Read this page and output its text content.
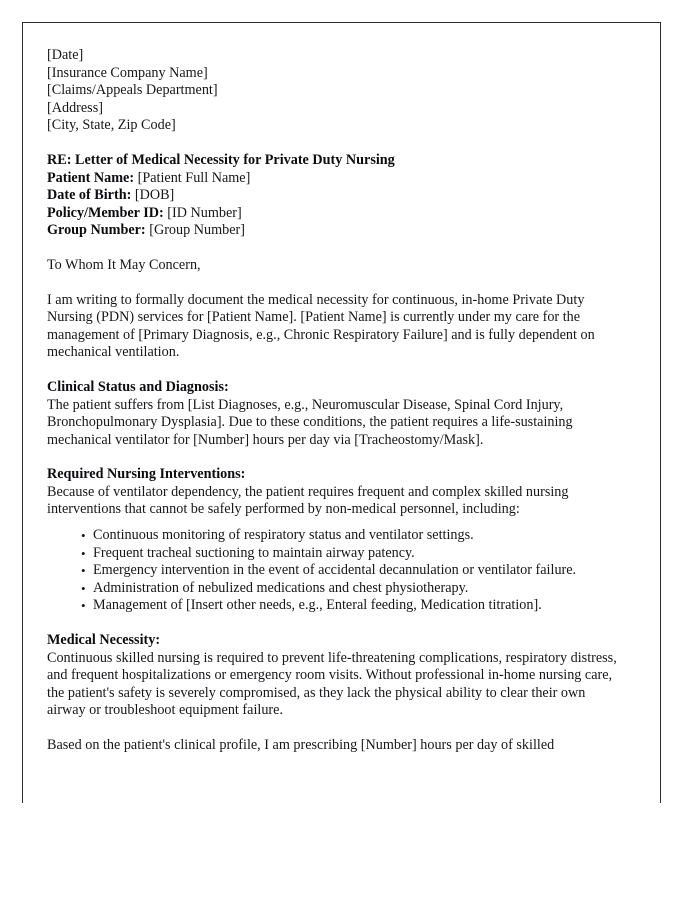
[Date]
[Insurance Company Name]
[Claims/Appeals Department]
[Address]
[City, State, Zip Code]
RE: Letter of Medical Necessity for Private Duty Nursing
Patient Name: [Patient Full Name]
Date of Birth: [DOB]
Policy/Member ID: [ID Number]
Group Number: [Group Number]

To Whom It May Concern,

I am writing to formally document the medical necessity for continuous, in-home Private Duty Nursing (PDN) services for [Patient Name]. [Patient Name] is currently under my care for the management of [Primary Diagnosis, e.g., Chronic Respiratory Failure] and is fully dependent on mechanical ventilation.

Clinical Status and Diagnosis:

The patient suffers from [List Diagnoses, e.g., Neuromuscular Disease, Spinal Cord Injury, Bronchopulmonary Dysplasia]. Due to these conditions, the patient requires a life-sustaining mechanical ventilator for [Number] hours per day via [Tracheostomy/Mask].

Required Nursing Interventions:

Because of ventilator dependency, the patient requires frequent and complex skilled nursing interventions that cannot be safely performed by non-medical personnel, including:

• Continuous monitoring of respiratory status and ventilator settings.
• Frequent tracheal suctioning to maintain airway patency.
• Emergency intervention in the event of accidental decannulation or ventilator failure.
• Administration of nebulized medications and chest physiotherapy.
• Management of [Insert other needs, e.g., Enteral feeding, Medication titration].
Medical Necessity:

Continuous skilled nursing is required to prevent life-threatening complications, respiratory distress, and frequent hospitalizations or emergency room visits. Without professional in-home nursing care, the patient's safety is severely compromised, as they lack the physical ability to clear their own airway or troubleshoot equipment failure.

Based on the patient's clinical profile, I am prescribing [Number] hours per day of skilled
